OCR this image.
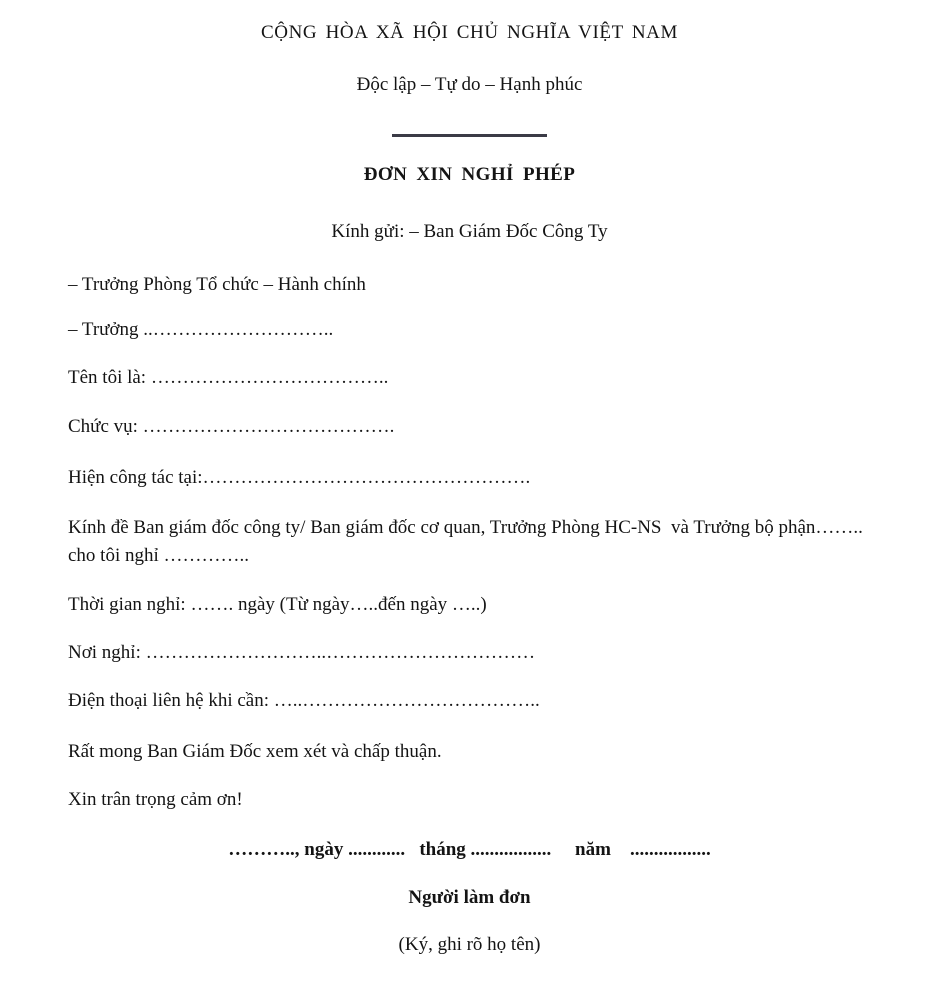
CỘNG HÒA XÃ HỘI CHỦ NGHĨA VIỆT NAM

Độc lập – Tự do – Hạnh phúc

ĐƠN XIN NGHỈ PHÉP

Kính gửi: – Ban Giám Đốc Công Ty

– Trưởng Phòng Tổ chức – Hành chính

– Trưởng ..………………………..

Tên tôi là: ………………………………..

Chức vụ: ………………………………….

Hiện công tác tại:…………………………………………….

Kính đề Ban giám đốc công ty/ Ban giám đốc cơ quan, Trưởng Phòng HC-NS  và Trưởng bộ phận…….. cho tôi nghỉ …………..

Thời gian nghỉ: ……. ngày (Từ ngày…..đến ngày …..)

Nơi nghỉ: ………………………..……………………………

Điện thoại liên hệ khi cần: …..………………………………..

Rất mong Ban Giám Đốc xem xét và chấp thuận.

Xin trân trọng cảm ơn!

……….., ngày ............   tháng .................     năm    .................

Người làm đơn

(Ký, ghi rõ họ tên)
